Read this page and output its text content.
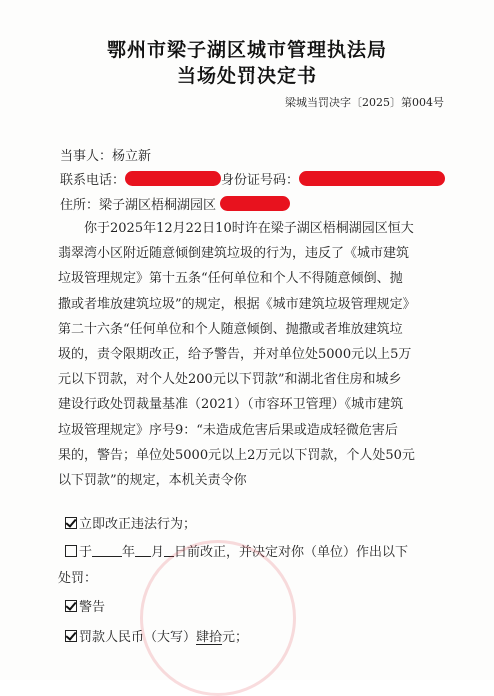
鄂州市梁子湖区城市管理执法局
当场处罚决定书
梁城当罚决字〔2025〕第004号
当事人：杨立新
联系电话：	身份证号码：
住所：梁子湖区梧桐湖园区
你于2025年12月22日10时许在梁子湖区梧桐湖园区恒大
翡翠湾小区附近随意倾倒建筑垃圾的行为，违反了《城市建筑
垃圾管理规定》第十五条“任何单位和个人不得随意倾倒、抛
撒或者堆放建筑垃圾”的规定，根据《城市建筑垃圾管理规定》
第二十六条“任何单位和个人随意倾倒、抛撒或者堆放建筑垃
圾的，责令限期改正，给予警告，并对单位处5000元以上5万
元以下罚款，对个人处200元以下罚款”和湖北省住房和城乡
建设行政处罚裁量基准（2021）（市容环卫管理）《城市建筑
垃圾管理规定》序号9：“未造成危害后果或造成轻微危害后
果的，警告；单位处5000元以上2万元以下罚款，个人处50元
以下罚款”的规定，本机关责令你
立即改正违法行为；
于 年 月 日前改正，并决定对你（单位）作出以下
处罚：
警告
罚款人民币（大写）肆拾元；
